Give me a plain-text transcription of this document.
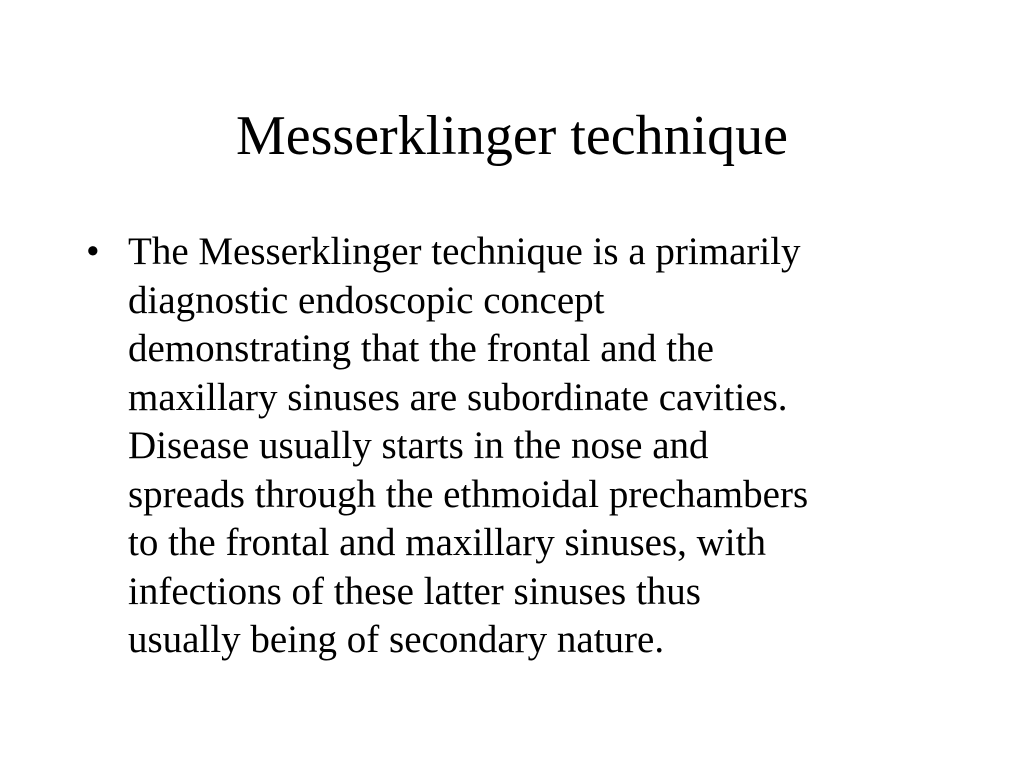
Messerklinger technique
• The Messerklinger technique is a primarily
diagnostic endoscopic concept
demonstrating that the frontal and the
maxillary sinuses are subordinate cavities.
Disease usually starts in the nose and
spreads through the ethmoidal prechambers
to the frontal and maxillary sinuses, with
infections of these latter sinuses thus
usually being of secondary nature.
